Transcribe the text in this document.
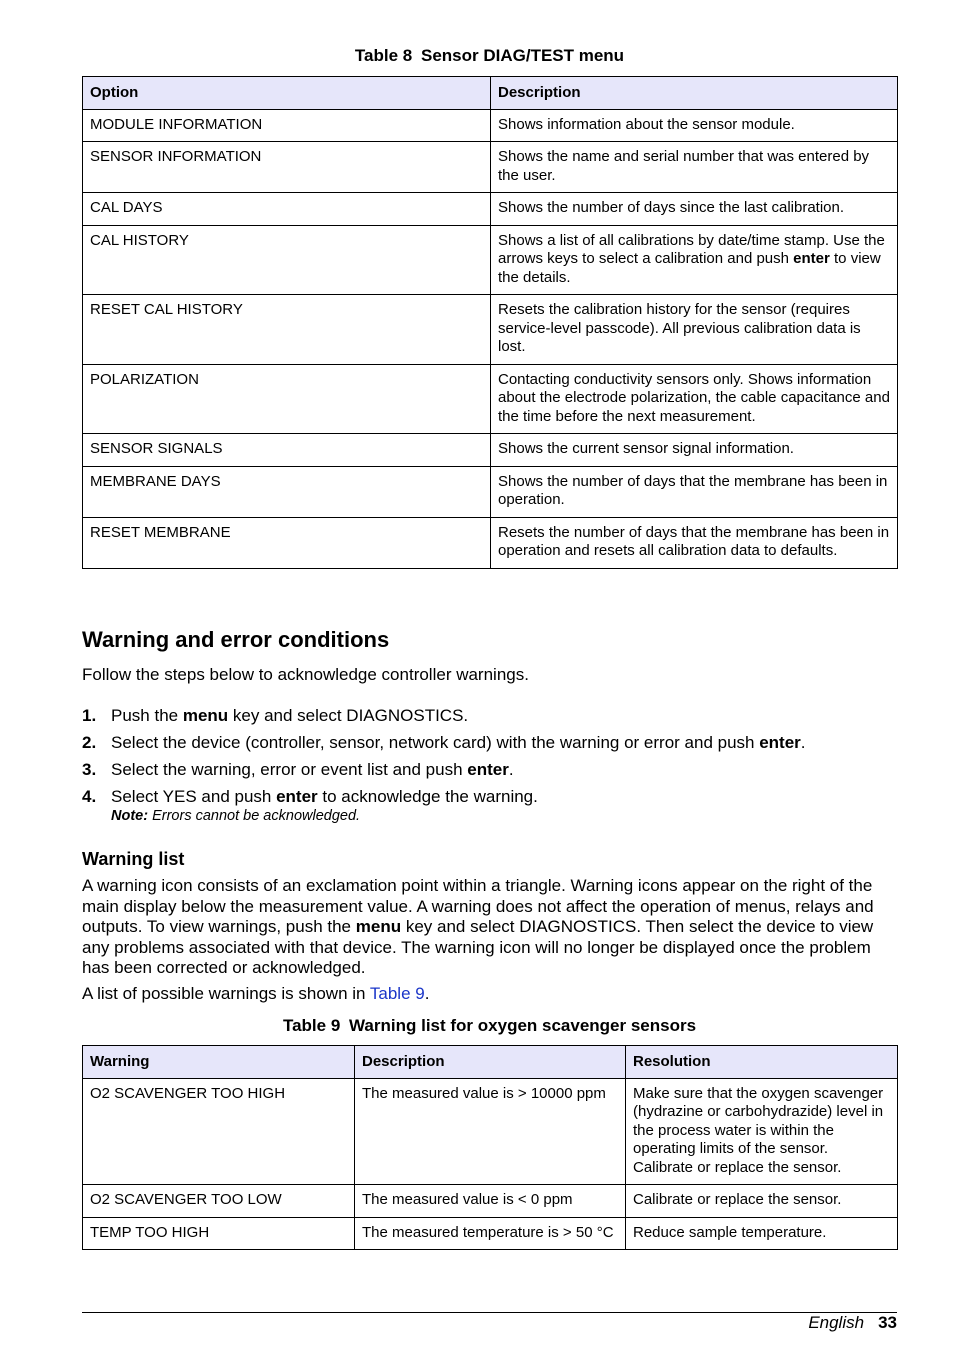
Table 8 Sensor DIAG/TEST menu
Option	Description
MODULE INFORMATION	Shows information about the sensor module.
SENSOR INFORMATION	Shows the name and serial number that was entered by the user.
CAL DAYS	Shows the number of days since the last calibration.
CAL HISTORY	Shows a list of all calibrations by date/time stamp. Use the arrows keys to select a calibration and push enter to view the details.
RESET CAL HISTORY	Resets the calibration history for the sensor (requires service-level passcode). All previous calibration data is lost.
POLARIZATION	Contacting conductivity sensors only. Shows information about the electrode polarization, the cable capacitance and the time before the next measurement.
SENSOR SIGNALS	Shows the current sensor signal information.
MEMBRANE DAYS	Shows the number of days that the membrane has been in operation.
RESET MEMBRANE	Resets the number of days that the membrane has been in operation and resets all calibration data to defaults.
Warning and error conditions

Follow the steps below to acknowledge controller warnings.

1. Push the menu key and select DIAGNOSTICS.
2. Select the device (controller, sensor, network card) with the warning or error and push enter.
3. Select the warning, error or event list and push enter.
4. Select YES and push enter to acknowledge the warning.
Note: Errors cannot be acknowledged.
Warning list

A warning icon consists of an exclamation point within a triangle. Warning icons appear on the right of the main display below the measurement value. A warning does not affect the operation of menus, relays and outputs. To view warnings, push the menu key and select DIAGNOSTICS. Then select the device to view any problems associated with that device. The warning icon will no longer be displayed once the problem has been corrected or acknowledged.

A list of possible warnings is shown in Table 9.

Table 9 Warning list for oxygen scavenger sensors
Warning	Description	Resolution
O2 SCAVENGER TOO HIGH	The measured value is > 10000 ppm	Make sure that the oxygen scavenger (hydrazine or carbohydrazide) level in the process water is within the operating limits of the sensor. Calibrate or replace the sensor.
O2 SCAVENGER TOO LOW	The measured value is < 0 ppm	Calibrate or replace the sensor.
TEMP TOO HIGH	The measured temperature is > 50 °C	Reduce sample temperature.
English 33
